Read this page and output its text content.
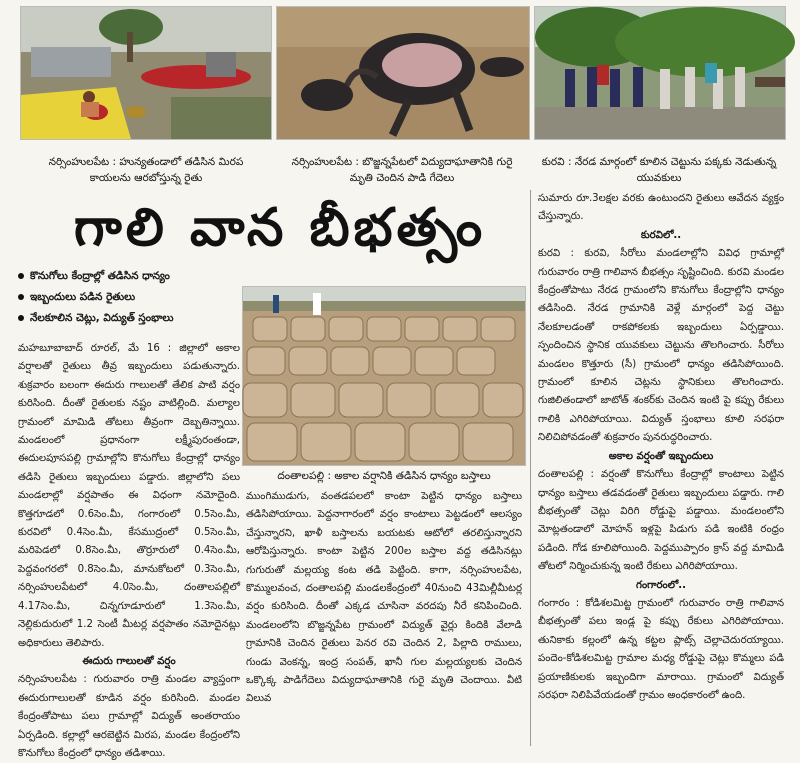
నర్సింహులపేట : హున్యతండాలో తడిసిన మిరప కాయలను ఆరబోస్తున్న రైతు
నర్సింహులపేట : బొజ్జన్నపేటలో విద్యుదాఘాతానికి గురై మృతి చెందిన పాడి గేదెలు
కురవి : నేరడ మార్గంలో కూలిన చెట్టును పక్కకు నెడుతున్న యువకులు
గాలి వాన బీభత్సం
కొనుగోలు కేంద్రాల్లో తడిసిన ధాన్యం
ఇబ్బందులు పడిన రైతులు
నేలకూలిన చెట్లు, విద్యుత్ స్తంభాలు
దంతాలపల్లి : అకాల వర్షానికి తడిసిన ధాన్యం బస్తాలు

మహబూబాబాద్ రూరల్, మే 16 : జిల్లాలో అకాల వర్షాలతో రైతులు తీవ్ర ఇబ్బందులు పడుతున్నారు. శుక్రవారం బలంగా ఈదురు గాలులతో తేలిక పాటి వర్షం కురిసింది. దీంతో రైతులకు నష్టం వాటిల్లింది. మల్యాల గ్రామంలో మామిడి తోటలు తీవ్రంగా దెబ్బతిన్నాయి. మండలంలో ప్రధానంగా లక్ష్మీపురంతండా, ఈదులపూసపల్లి గ్రామాల్లోని కొనుగోలు కేంద్రాల్లో ధాన్యం తడిసి రైతులు ఇబ్బందులు పడ్డారు. జిల్లాలోని పలు మండలాల్లో వర్షపాతం ఈ విధంగా నమోదైంది. కొత్తగూడలో 0.6సెం.మీ, గంగారంలో 0.5సెం.మీ, కురవిలో 0.4సెం.మీ, కేసముద్రంలో 0.5సెం.మీ, మరిపెడలో 0.8సెం.మీ, తొర్రూరులో 0.4సెం.మీ, పెద్దవంగరలో 0.8సెం.మీ, మానుకోటలో 0.3సెం.మీ, నర్సింహులపేటలో 4.0సెం.మీ, దంతాలపల్లిలో 4.17సెం.మీ, చిన్నగూడూరులో 1.3సెం.మీ, నెల్లికుదురులో 1.2 సెంటీ మీటర్ల వర్షపాతం నమోదైనట్లు అధికారులు తెలిపారు.

ఈదురు గాలులతో వర్షం

నర్సింహులపేట : గురువారం రాత్రి మండల వ్యాప్తంగా ఈదురుగాలులతో కూడిన వర్షం కురిసింది. మండల కేంద్రంతోపాటు పలు గ్రామాల్లో విద్యుత్ అంతరాయం ఏర్పడింది. కల్లాల్లో ఆరబెట్టిన మిరప, మండల కేంద్రంలోని కొనుగోలు కేంద్రంలో ధాన్యం తడిశాయి.

ముంగిముడుగు, వంతడపలలో కాంటా పెట్టిన ధాన్యం బస్తాలు తడిసిపోయాయి. పెద్దనాగారంలో వర్షం కాంటాలు పెట్టడంలో ఆలస్యం చేస్తున్నారని, ఖాళీ బస్తాలను బయటకు ఆటోలో తరలిస్తున్నారని ఆరోపిస్తున్నారు. కాంటా పెట్టిన 200ల బస్తాల వద్ద తడిసినట్లు గుగురుతో మల్లయ్య కంట తడి పెట్టింది. కాగా, నర్సింహులపేట, కొమ్ములవంచ, దంతాలపల్లి మండలకేంద్రంలో 40నుంచి 43మిల్లీమీటర్ల వర్షం కురిసింది. దీంతో ఎక్కడ చూసినా వరదపు నీరే కనిపించింది. మండలంలోని బొజ్జన్నపేట గ్రామంలో విద్యుత్ వైర్లు కిందికి వేలాడి గ్రామానికి చెందిన రైతులు పెనర రవి చెందిన 2, పిల్లాది రాములు, గుండు వెంకన్న, ఇంద్ర సంపత్, ఖానీ గుల మల్లయ్యలకు చెందిన ఒక్కొక్క పాడిగేదెలు విద్యుదాఘాతానికి గురై మృతి చెందాయి. వీటి విలువ

సుమారు రూ.3లక్షల వరకు ఉంటుందని రైతులు ఆవేదన వ్యక్తం చేస్తున్నారు.

కురవిలో..

కురవి : కురవి, సీరోలు మండలాల్లోని వివిధ గ్రామాల్లో గురువారం రాత్రి గాలివాన బీభత్సం సృష్టించింది. కురవి మండల కేంద్రంతోపాటు నేరడ గ్రామంలోని కొనుగోలు కేంద్రాల్లోని ధాన్యం తడిసింది. నేరడ గ్రామానికి వెళ్లే మార్గంలో పెద్ద చెట్టు నేలకూలడంతో రాకపోకలకు ఇబ్బందులు ఏర్పడ్డాయి. స్పందించిన స్థానిక యువకులు చెట్టును తొలగించారు. సీరోలు మండలం కొత్తూరు (సీ) గ్రామంలో ధాన్యం తడిసిపోయింది. గ్రామంలో కూలిన చెట్లను స్థానికులు తొలగించారు. గుజిలితండాలో జాటోత్ శంకర్‌కు చెందిన ఇంటి పై కప్పు రేకులు గాలికి ఎగిరిపోయాయి. విద్యుత్ స్తంభాలు కూలి సరఫరా నిలిచిపోవడంతో శుక్రవారం పునరుద్ధరించారు.

అకాల వర్షంతో ఇబ్బందులు

దంతాలపల్లి : వర్షంతో కొనుగోలు కేంద్రాల్లో కాంటాలు పెట్టిన ధాన్యం బస్తాలు తడవడంతో రైతులు ఇబ్బందులు పడ్డారు. గాలి బీభత్సంతో చెట్లు విరిగి రోడ్డుపై పడ్డాయి. మండలంలోని మోట్లతండాలో మోహన్ ఇళ్లపై పిడుగు పడి ఇంటికి రంధ్రం పడింది. గోడ కూలిపోయింది. పెద్దముప్పారం క్రాస్ వద్ద మామిడి తోటలో నిర్మించుకున్న ఇంటి రేకులు ఎగిరిపోయాయి.

గంగారంలో..

గంగారం : కోడిశలమిట్ట గ్రామంలో గురువారం రాత్రి గాలివాన బీభత్సంతో పలు ఇండ్ల పై కప్పు రేకులు ఎగిరిపోయాయి. తునికాకు కల్లంలో ఉన్న కట్టల ప్లాట్స్ చెల్లాచెదురయ్యాయి. పందెం-కోడిశలమిట్ట గ్రామాల మధ్య రోడ్డుపై చెట్లు కొమ్మలు పడి ప్రయాణికులకు ఇబ్బందిగా మారాయి. గ్రామంలో విద్యుత్ సరఫరా నిలిపివేయడంతో గ్రామం అంధకారంలో ఉంది.
